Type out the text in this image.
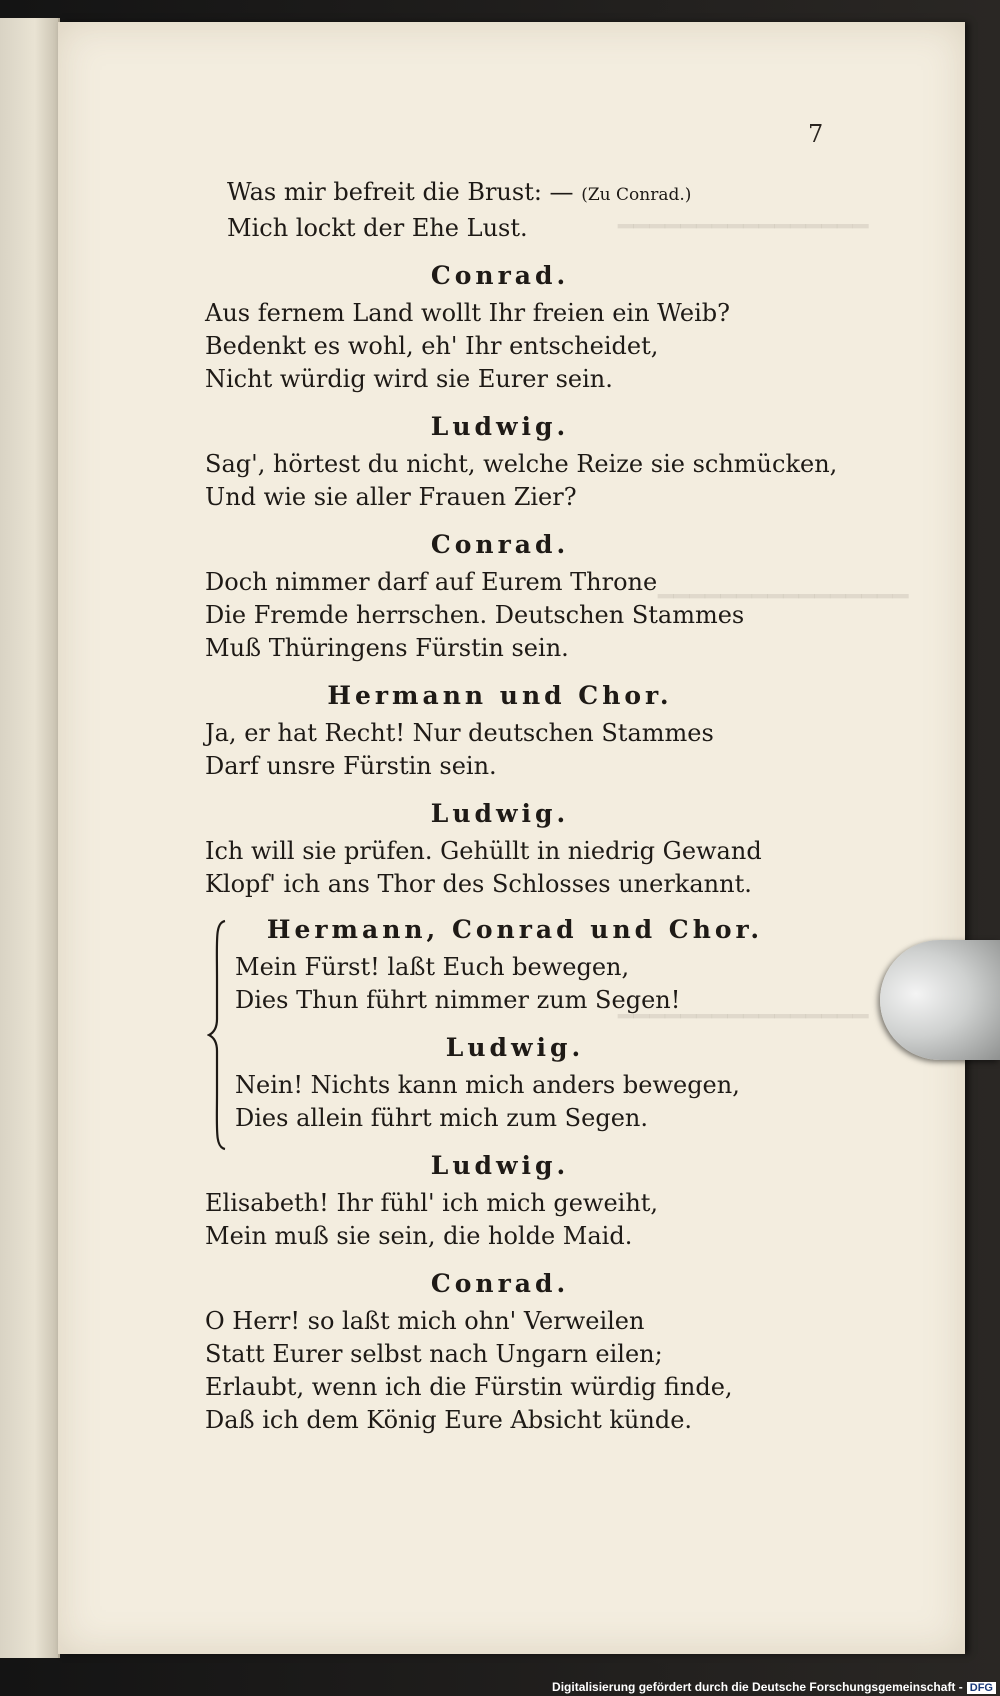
━━━━━━━━━━━━━━━━
━━━━━━━━━━━━━━━━
━━━━━━━━━━━━━━━━
7
Was mir befreit die Brust: — (Zu Conrad.)
Mich lockt der Ehe Lust.
Conrad.
Aus fernem Land wollt Ihr freien ein Weib?
Bedenkt es wohl, eh' Ihr entscheidet,
Nicht würdig wird sie Eurer sein.
Ludwig.
Sag', hörtest du nicht, welche Reize sie schmücken,
Und wie sie aller Frauen Zier?
Conrad.
Doch nimmer darf auf Eurem Throne
Die Fremde herrschen. Deutschen Stammes
Muß Thüringens Fürstin sein.
Hermann und Chor.
Ja, er hat Recht! Nur deutschen Stammes
Darf unsre Fürstin sein.
Ludwig.
Ich will sie prüfen. Gehüllt in niedrig Gewand
Klopf' ich ans Thor des Schlosses unerkannt.
Hermann, Conrad und Chor.
Mein Fürst! laßt Euch bewegen,
Dies Thun führt nimmer zum Segen!
Ludwig.
Nein! Nichts kann mich anders bewegen,
Dies allein führt mich zum Segen.
Ludwig.
Elisabeth! Ihr fühl' ich mich geweiht,
Mein muß sie sein, die holde Maid.
Conrad.
O Herr! so laßt mich ohn' Verweilen
Statt Eurer selbst nach Ungarn eilen;
Erlaubt, wenn ich die Fürstin würdig finde,
Daß ich dem König Eure Absicht künde.
Digitalisierung gefördert durch die Deutsche Forschungsgemeinschaft - DFG
